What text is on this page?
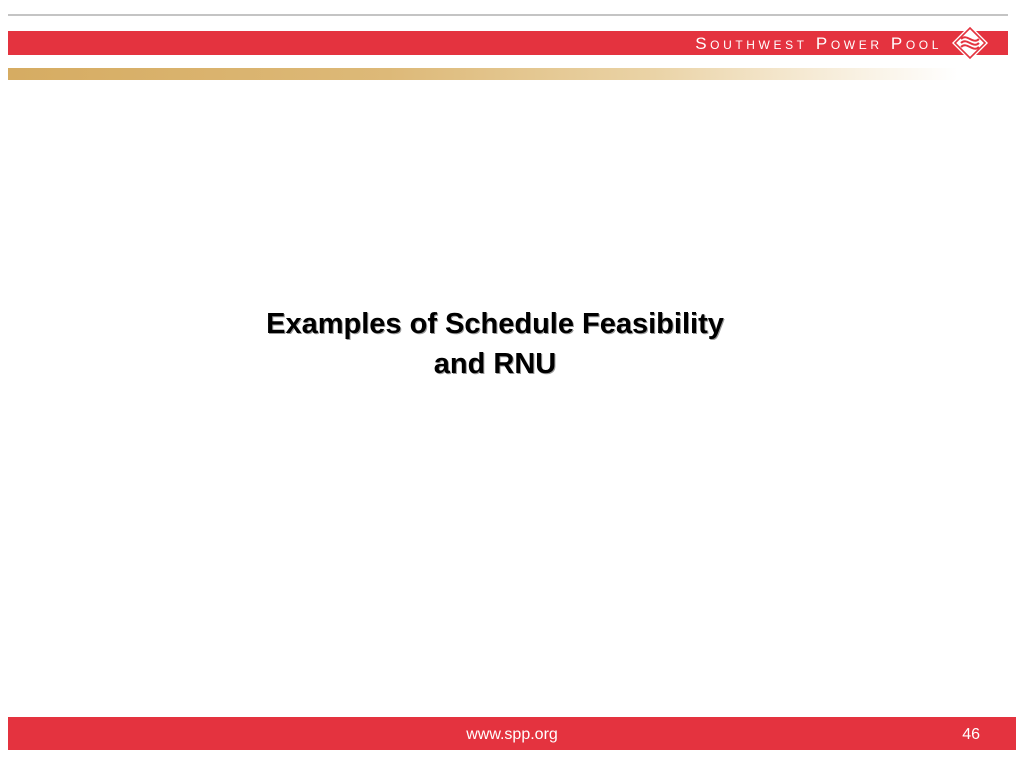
Southwest Power Pool
Examples of Schedule Feasibility
and RNU
www.spp.org	46
